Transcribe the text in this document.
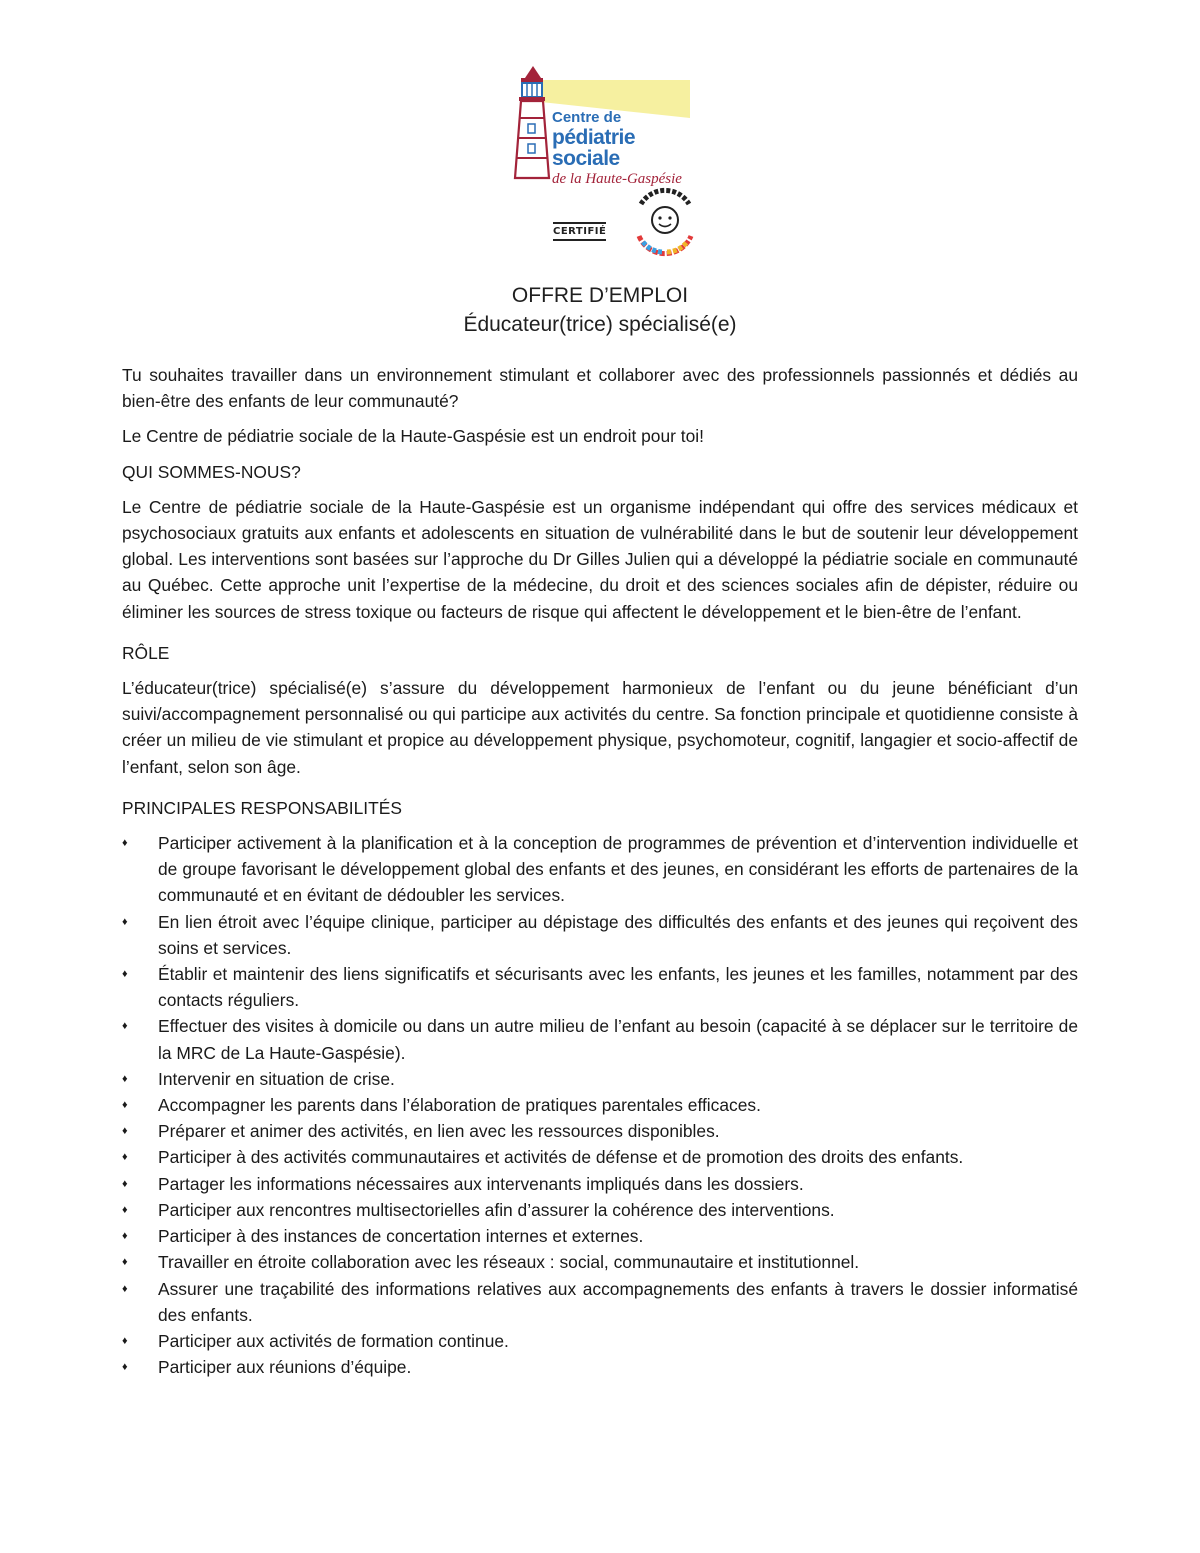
Centre de
pédiatrie sociale
de la Haute-Gaspésie
CERTIFIÉ
OFFRE D’EMPLOI
Éducateur(trice) spécialisé(e)

Tu souhaites travailler dans un environnement stimulant et collaborer avec des professionnels passionnés et dédiés au bien-être des enfants de leur communauté?

Le Centre de pédiatrie sociale de la Haute-Gaspésie est un endroit pour toi!

QUI SOMMES-NOUS?

Le Centre de pédiatrie sociale de la Haute-Gaspésie est un organisme indépendant qui offre des services médicaux et psychosociaux gratuits aux enfants et adolescents en situation de vulnérabilité dans le but de soutenir leur développement global. Les interventions sont basées sur l’approche du Dr Gilles Julien qui a développé la pédiatrie sociale en communauté au Québec. Cette approche unit l’expertise de la médecine, du droit et des sciences sociales afin de dépister, réduire ou éliminer les sources de stress toxique ou facteurs de risque qui affectent le développement et le bien-être de l’enfant.

RÔLE

L’éducateur(trice) spécialisé(e) s’assure du développement harmonieux de l’enfant ou du jeune bénéficiant d’un suivi/accompagnement personnalisé ou qui participe aux activités du centre. Sa fonction principale et quotidienne consiste à créer un milieu de vie stimulant et propice au développement physique, psychomoteur, cognitif, langagier et socio-affectif de l’enfant, selon son âge.

PRINCIPALES RESPONSABILITÉS
♦ Participer activement à la planification et à la conception de programmes de prévention et d’intervention individuelle et de groupe favorisant le développement global des enfants et des jeunes, en considérant les efforts de partenaires de la communauté et en évitant de dédoubler les services.
♦ En lien étroit avec l’équipe clinique, participer au dépistage des difficultés des enfants et des jeunes qui reçoivent des soins et services.
♦ Établir et maintenir des liens significatifs et sécurisants avec les enfants, les jeunes et les familles, notamment par des contacts réguliers.
♦ Effectuer des visites à domicile ou dans un autre milieu de l’enfant au besoin (capacité à se déplacer sur le territoire de la MRC de La Haute-Gaspésie).
♦ Intervenir en situation de crise.
♦ Accompagner les parents dans l’élaboration de pratiques parentales efficaces.
♦ Préparer et animer des activités, en lien avec les ressources disponibles.
♦ Participer à des activités communautaires et activités de défense et de promotion des droits des enfants.
♦ Partager les informations nécessaires aux intervenants impliqués dans les dossiers.
♦ Participer aux rencontres multisectorielles afin d’assurer la cohérence des interventions.
♦ Participer à des instances de concertation internes et externes.
♦ Travailler en étroite collaboration avec les réseaux : social, communautaire et institutionnel.
♦ Assurer une traçabilité des informations relatives aux accompagnements des enfants à travers le dossier informatisé des enfants.
♦ Participer aux activités de formation continue.
♦ Participer aux réunions d’équipe.
